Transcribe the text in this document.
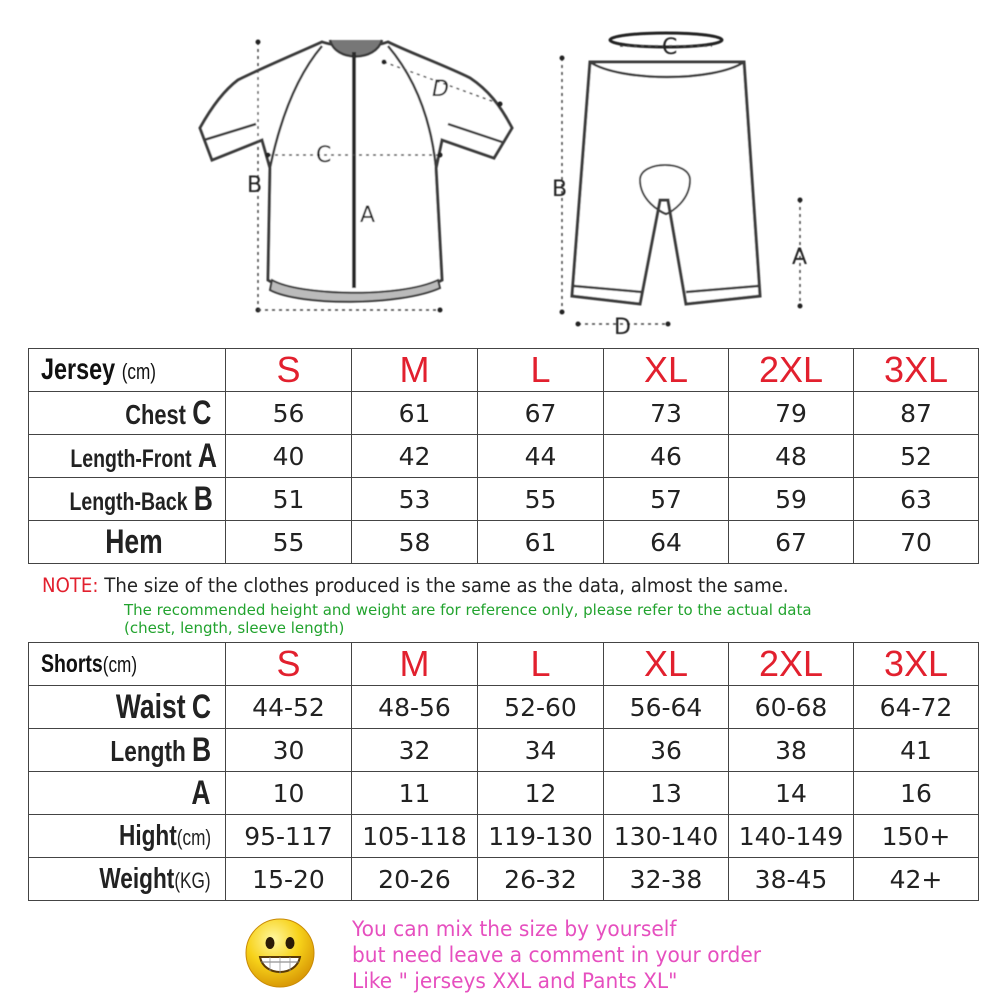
B
C
A
D
C
B
A
D
Jersey (cm)	S	M	L	XL	2XL	3XL
Chest C	56	61	67	73	79	87
Length-Front A	40	42	44	46	48	52
Length-Back B	51	53	55	57	59	63
Hem	55	58	61	64	67	70
NOTE: The size of the clothes produced is the same as the data, almost the same.
The recommended height and weight are for reference only, please refer to the actual data
(chest, length, sleeve length)
Shorts(cm)	S	M	L	XL	2XL	3XL
Waist C	44-52	48-56	52-60	56-64	60-68	64-72
Length B	30	32	34	36	38	41
A	10	11	12	13	14	16
Hight(cm)	95-117	105-118	119-130	130-140	140-149	150+
Weight(KG)	15-20	20-26	26-32	32-38	38-45	42+
You can mix the size by yourself
but need leave a comment in your order
Like " jerseys XXL and Pants XL"
